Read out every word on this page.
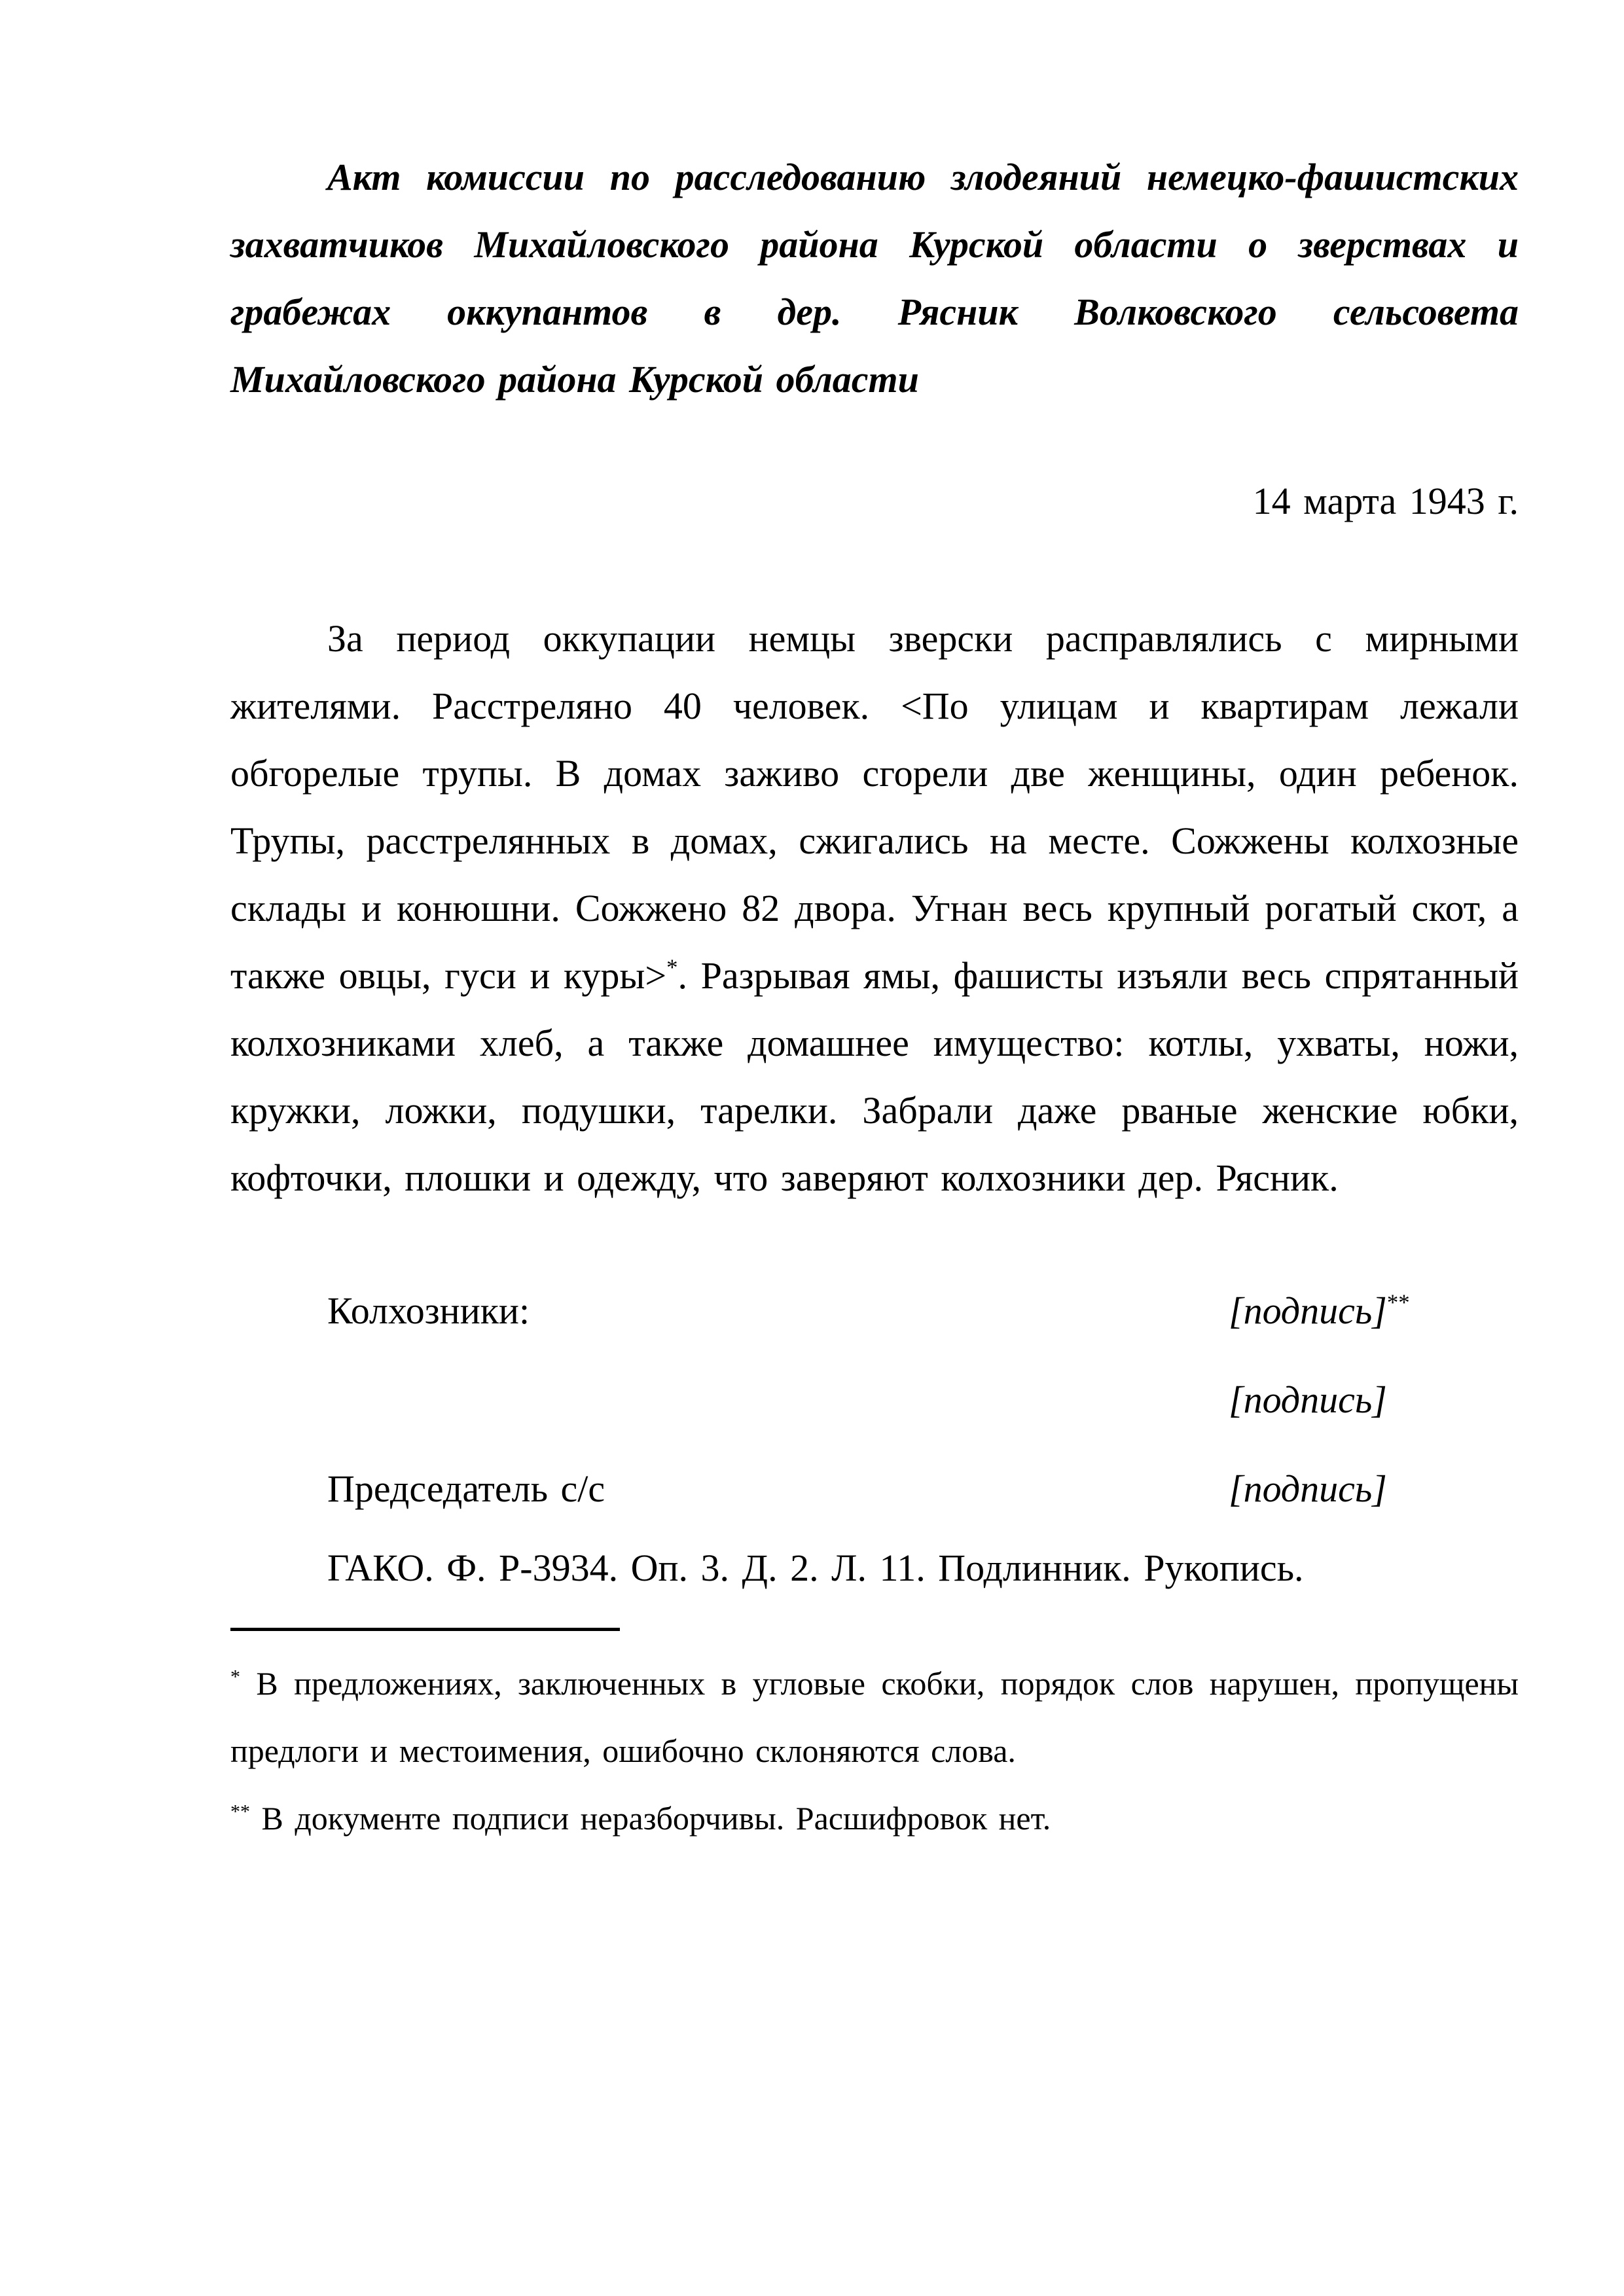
Акт комиссии по расследованию злодеяний немецко-фашистских захватчиков Михайловского района Курской области о зверствах и грабежах оккупантов в дер. Рясник Волковского сельсовета Михайловского района Курской области
14 марта 1943 г.
За период оккупации немцы зверски расправлялись с мирными жителями. Расстреляно 40 человек. <По улицам и квартирам лежали обгорелые трупы. В домах заживо сгорели две женщины, один ребенок. Трупы, расстрелянных в домах, сжигались на месте. Сожжены колхозные склады и конюшни. Сожжено 82 двора. Угнан весь крупный рогатый скот, а также овцы, гуси и куры>*. Разрывая ямы, фашисты изъяли весь спрятанный колхозниками хлеб, а также домашнее имущество: котлы, ухваты, ножи, кружки, ложки, подушки, тарелки. Забрали даже рваные женские юбки, кофточки, плошки и одежду, что заверяют колхозники дер. Рясник.
Колхозники:	[подпись]**
[подпись]
Председатель с/с	[подпись]
ГАКО. Ф. Р-3934. Оп. 3. Д. 2. Л. 11. Подлинник. Рукопись.

* В предложениях, заключенных в угловые скобки, порядок слов нарушен, пропущены предлоги и местоимения, ошибочно склоняются слова.

** В документе подписи неразборчивы. Расшифровок нет.
